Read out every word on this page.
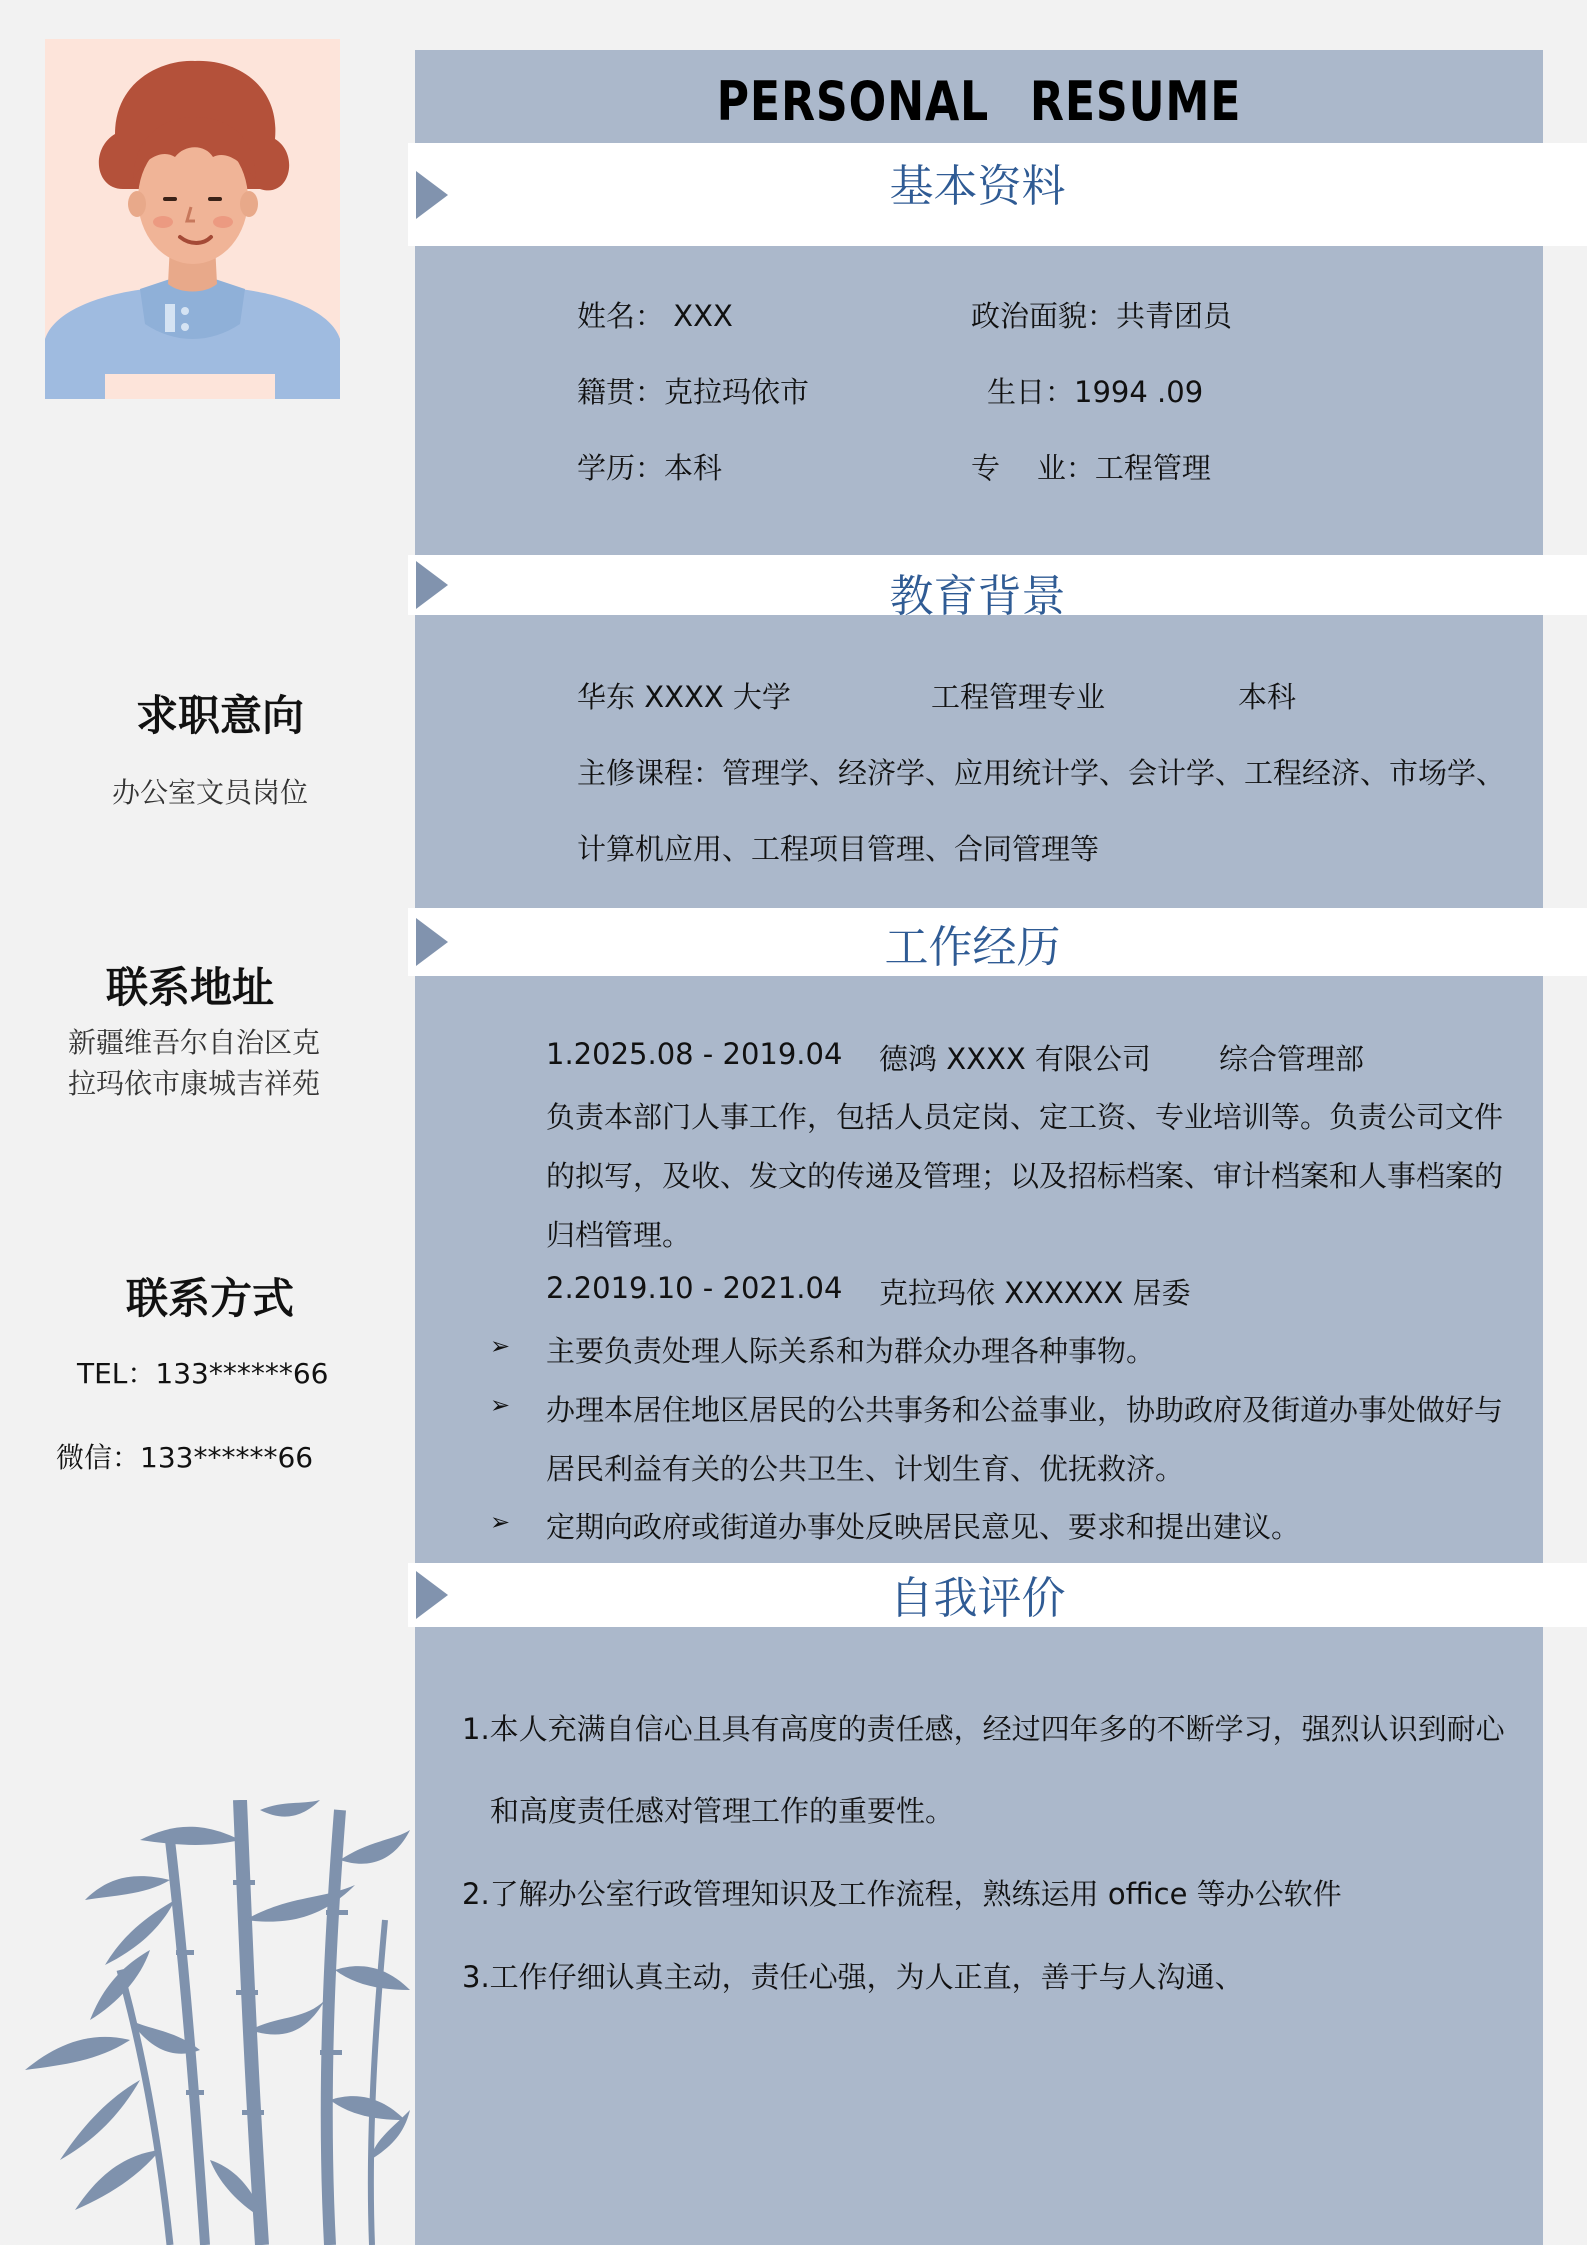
求职意向
办公室文员岗位
联系地址
新疆维吾尔自治区克
拉玛依市康城吉祥苑
联系方式
TEL：133******66
微信：133******66
PERSONAL RESUME
基本资料
姓名： XXX	政治面貌：共青团员
籍贯：克拉玛依市	生日：1994 .09
学历：本科	专    业：工程管理
教育背景
华东 XXXX 大学	工程管理专业	本科
主修课程：管理学、经济学、应用统计学、会计学、工程经济、市场学、
计算机应用、工程项目管理、合同管理等
工作经历
1.2025.08 - 2019.04 德鸿 XXXX 有限公司 综合管理部
负责本部门人事工作，包括人员定岗、定工资、专业培训等。负责公司文件
的拟写，及收、发文的传递及管理；以及招标档案、审计档案和人事档案的
归档管理。
2.2019.10 - 2021.04 克拉玛依 XXXXXX 居委
➢ 主要负责处理人际关系和为群众办理各种事物。
➢ 办理本居住地区居民的公共事务和公益事业，协助政府及街道办事处做好与
居民利益有关的公共卫生、计划生育、优抚救济。
➢ 定期向政府或街道办事处反映居民意见、要求和提出建议。
自我评价
1.本人充满自信心且具有高度的责任感，经过四年多的不断学习，强烈认识到耐心
和高度责任感对管理工作的重要性。
2.了解办公室行政管理知识及工作流程，熟练运用 office 等办公软件
3.工作仔细认真主动，责任心强，为人正直，善于与人沟通、
